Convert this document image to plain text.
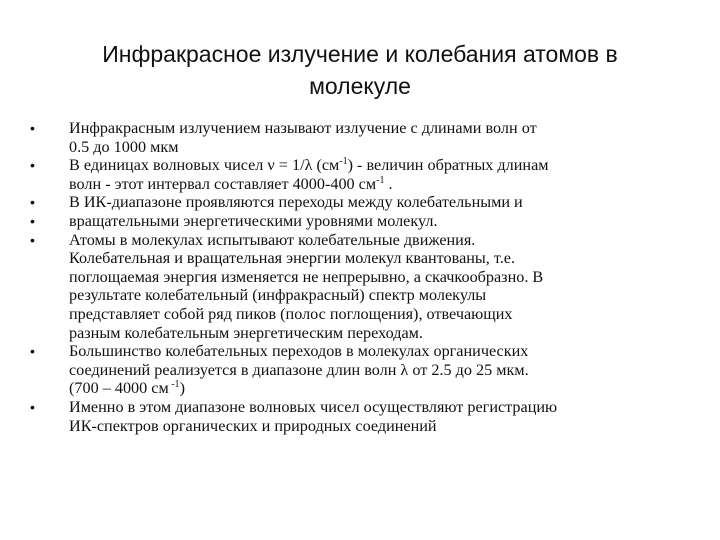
Инфракрасное излучение и колебания атомов в
молекуле
• Инфракрасным излучением называют излучение с длинами волн от
0.5 до 1000 мкм
• В единицах волновых чисел ν = 1/λ $(см^{-1})$ - величин обратных длинам
волн - этот интервал составляет 4000-400 $см^{-1}$ .
• В ИК-диапазоне проявляются переходы между колебательными и
• вращательными энергетическими уровнями молекул.
• Атомы в молекулах испытывают колебательные движения.
Колебательная и вращательная энергии молекул квантованы, т.е.
поглощаемая энергия изменяется не непрерывно, а скачкообразно. В
результате колебательный (инфракрасный) спектр молекулы
представляет собой ряд пиков (полос поглощения), отвечающих
разным колебательным энергетическим переходам.
• Большинство колебательных переходов в молекулах органических
соединений реализуется в диапазоне длин волн λ от 2.5 до 25 мкм.
(700 – 4000 см $^{-1}$)
• Именно в этом диапазоне волновых чисел осуществляют регистрацию
ИК-спектров органических и природных соединений
